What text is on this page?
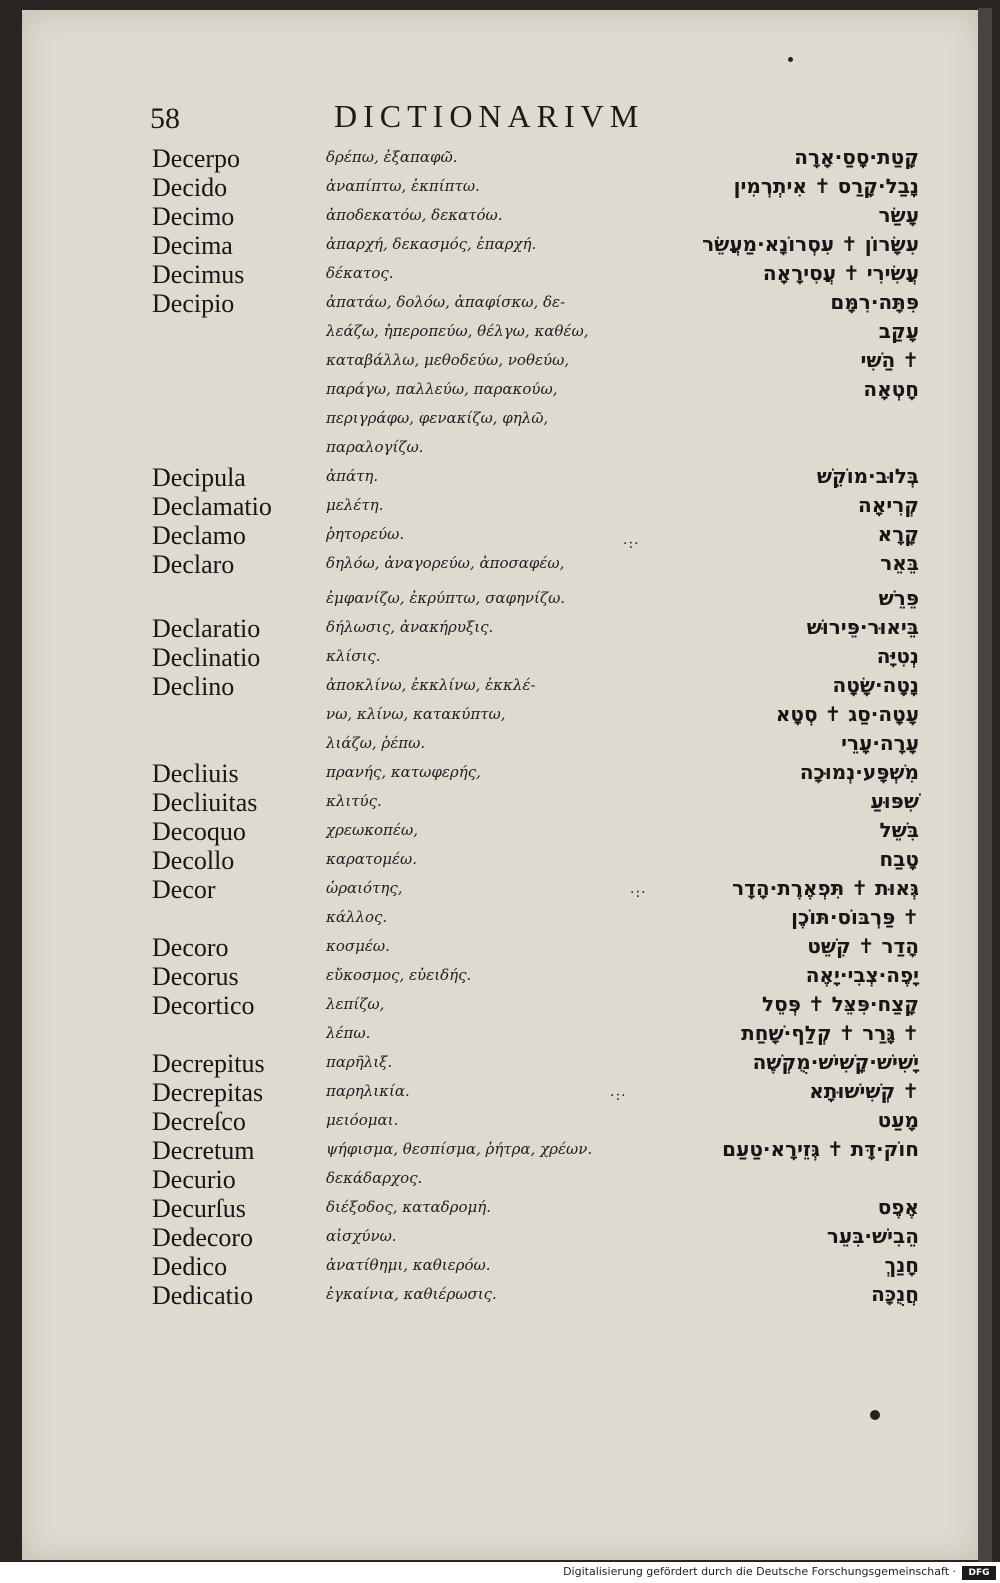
58	DICTIONARIVM
Decerpo	δρέπω, ἐξαπαφῶ.	קָטַת·סָסַ·אָרָה
Decido	ἀναπίπτω, ἐκπίπτω.	נָבַל·קָרַס ✝ אִיתְרְמִין
Decimo	ἀποδεκατόω, δεκατόω.	עָשַׂר
Decima	ἀπαρχή, δεκασμός, ἐπαρχή.	עִשָּׂרוֹן ✝ עִסְרוֹנָא·מַעֲשֵׂר
Decimus	δέκατος.	עֲשִׂירִי ✝ עֲסִירָאָה
Decipio	ἀπατάω, δολόω, ἀπαφίσκω, δε-	פִּתָּה·רִמָּם
λεάζω, ἠπεροπεύω, θέλγω, καθέω,	עָקַב
καταβάλλω, μεθοδεύω, νοθεύω,	✝ הַשִּׁי
παράγω, παλλεύω, παρακούω,	חָטְאָה
περιγράφω, φενακίζω, φηλῶ,
παραλογίζω.
Decipula	ἀπάτη.	בְּלוּב·מוֹקֵשׁ
Declamatio	μελέτη.	קְרִיאָה
Declamo	ῥητορεύω.	קָרָא
Declaro	δηλόω, ἀναγορεύω, ἀποσαφέω,	בֵּאֵר
ἐμφανίζω, ἐκρύπτω, σαφηνίζω.	פֵּרֵשׁ
Declaratio	δήλωσις, ἀνακήρυξις.	בֵּיאוּר·פֵּירוּשׁ
Declinatio	κλίσις.	נְטִיָּה
Declino	ἀποκλίνω, ἐκκλίνω, ἐκκλέ-	נָטָה·שָׂטָה
νω, κλίνω, κατακύπτω,	עָטָה·סַג ✝ סְטָא
λιάζω, ῥέπω.	עָרָה·עָרֵי
Decliuis	πρανής, κατωφερής,	מִשְׁפָּע·נְמוּכָה
Decliuitas	κλιτύς.	שִׁפּוּעַ
Decoquo	χρεωκοπέω,	בִּשֵּׁל
Decollo	καρατομέω.	טָבַח
Decor	ὡραιότης,	גְּאוּת ✝ תִּפְאֶרֶת·הָדָר
κάλλος.	✝ פַּרְבּוֹס·תּוֹכֶן
Decoro	κοσμέω.	הָדַר ✝ קִשֵּׁט
Decorus	εὔκοσμος, εὐειδής.	יָפֶה·צְבִי·יָאֶה
Decortico	λεπίζω,	קָצַח·פִּצֵּל ✝ פְּסֵל
λέπω.	✝ גָּרַר ✝ קְלַף·שָׁחַת
Decrepitus	παρῆλιξ.	יָשִׁישׁ·קָשִׁישׁ·מֻקְשֶׁה
Decrepitas	παρηλικία.	✝ קְשִׁישׁוּתָא
Decreſco	μειόομαι.	מָעַט
Decretum	ψήφισμα, θεσπίσμα, ῥήτρα, χρέων.	חוֹק·דָּת ✝ גְּזֵירָא·טַעַם
Decurio	δεκάδαρχος.
Decurſus	διέξοδος, καταδρομή.	אֶפֶס
Dedecoro	αἰσχύνω.	הֵבִישׁ·בִּעֵר
Dedico	ἀνατίθημι, καθιερόω.	חָנַךְ
Dedicatio	ἐγκαίνια, καθιέρωσις.	חֲנֻכָּה
·:·
·:·
·:·
Digitalisierung gefördert durch die Deutsche Forschungsgemeinschaft ·	DFG
